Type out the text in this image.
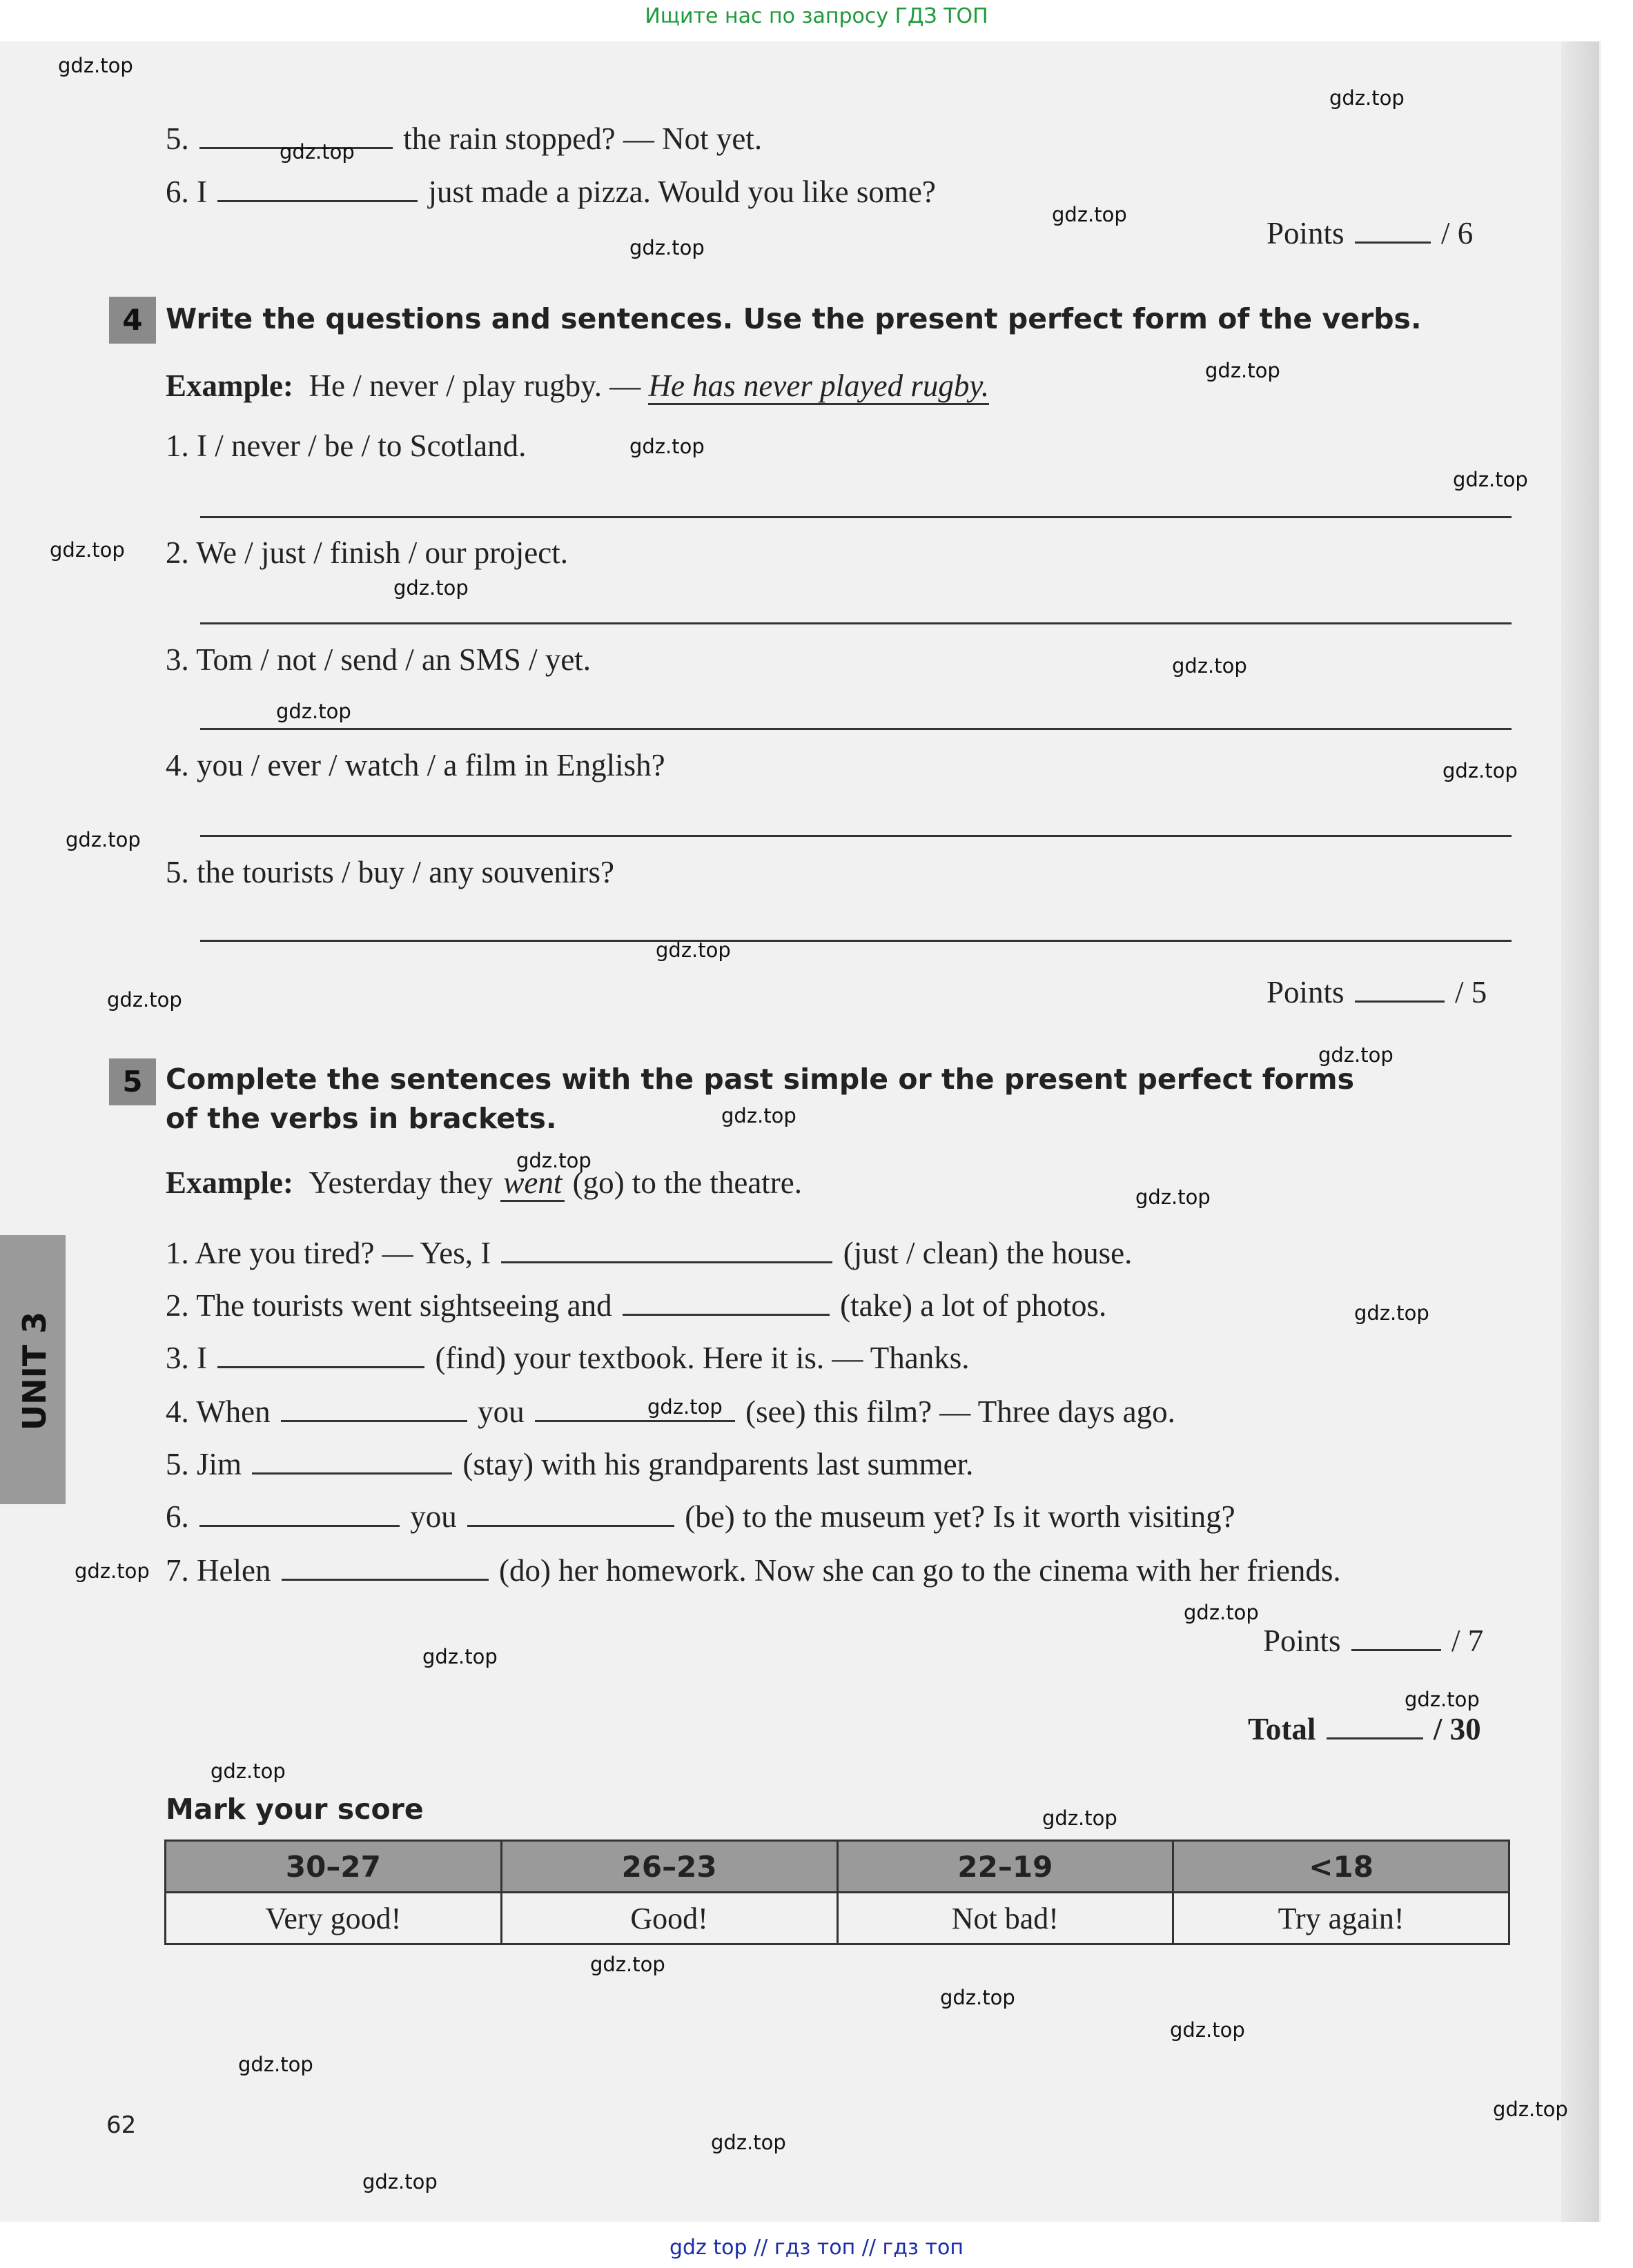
Ищите нас по запросу ГДЗ ТОП
5.	the rain stopped? — Not yet.
6. I	just made a pizza. Would you like some?
Points	/ 6
4 Write the questions and sentences. Use the present perfect form of the verbs.
Example: He / never / play rugby. — He has never played rugby.
1. I / never / be / to Scotland.
2. We / just / finish / our project.
3. Tom / not / send / an SMS / yet.
4. you / ever / watch / a film in English?
5. the tourists / buy / any souvenirs?
Points	/ 5
5 Complete the sentences with the past simple or the present perfect forms
of the verbs in brackets.
Example: Yesterday they went (go) to the theatre.
1. Are you tired? — Yes, I	(just / clean) the house.
2. The tourists went sightseeing and	(take) a lot of photos.
3. I	(find) your textbook. Here it is. — Thanks.
4. When	you	(see) this film? — Three days ago.
5. Jim	(stay) with his grandparents last summer.
6.	you	(be) to the museum yet? Is it worth visiting?
7. Helen	(do) her homework. Now she can go to the cinema with her friends.
Points	/ 7
Total	/ 30
Mark your score
30–27	26–23	22–19	<18
Very good!	Good!	Not bad!	Try again!
UNIT 3
62
gdz.top
gdz.top
gdz.top
gdz.top
gdz.top
gdz.top
gdz.top
gdz.top
gdz.top
gdz.top
gdz.top
gdz.top
gdz.top
gdz.top
gdz.top
gdz.top
gdz.top
gdz.top
gdz.top
gdz.top
gdz.top
gdz.top
gdz.top
gdz.top
gdz.top
gdz.top
gdz.top
gdz.top
gdz.top
gdz.top
gdz.top
gdz.top
gdz.top
gdz.top
gdz.top
gdz top // гдз топ // гдз топ
